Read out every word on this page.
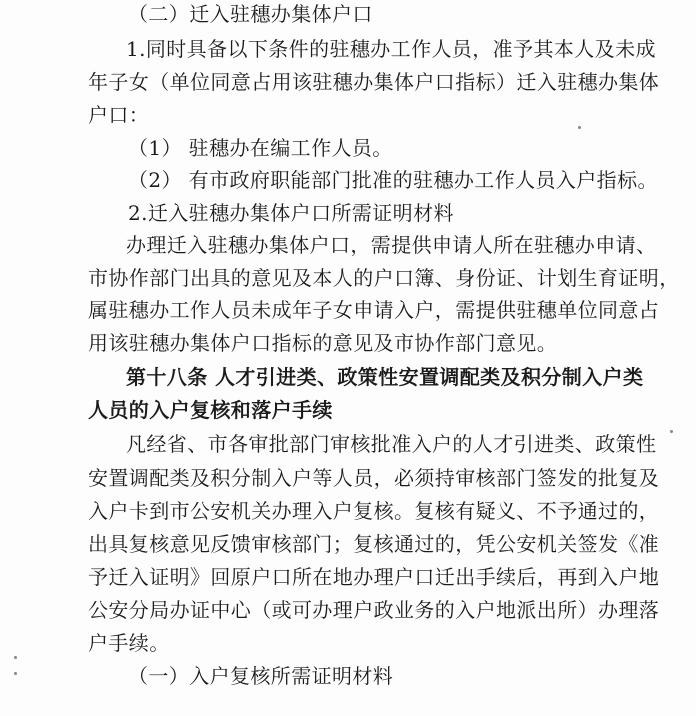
（二）迁入驻穗办集体户口
1.同时具备以下条件的驻穗办工作人员，准予其本人及未成
年子女（单位同意占用该驻穗办集体户口指标）迁入驻穗办集体
户口：
（1） 驻穗办在编工作人员。
（2） 有市政府职能部门批准的驻穗办工作人员入户指标。
2.迁入驻穗办集体户口所需证明材料
办理迁入驻穗办集体户口，需提供申请人所在驻穗办申请、
市协作部门出具的意见及本人的户口簿、身份证、计划生育证明，
属驻穗办工作人员未成年子女申请入户，需提供驻穗单位同意占
用该驻穗办集体户口指标的意见及市协作部门意见。
第十八条 人才引进类、政策性安置调配类及积分制入户类
人员的入户复核和落户手续
凡经省、市各审批部门审核批准入户的人才引进类、政策性
安置调配类及积分制入户等人员，必须持审核部门签发的批复及
入户卡到市公安机关办理入户复核。复核有疑义、不予通过的，
出具复核意见反馈审核部门；复核通过的，凭公安机关签发《准
予迁入证明》回原户口所在地办理户口迁出手续后，再到入户地
公安分局办证中心（或可办理户政业务的入户地派出所）办理落
户手续。
（一）入户复核所需证明材料
